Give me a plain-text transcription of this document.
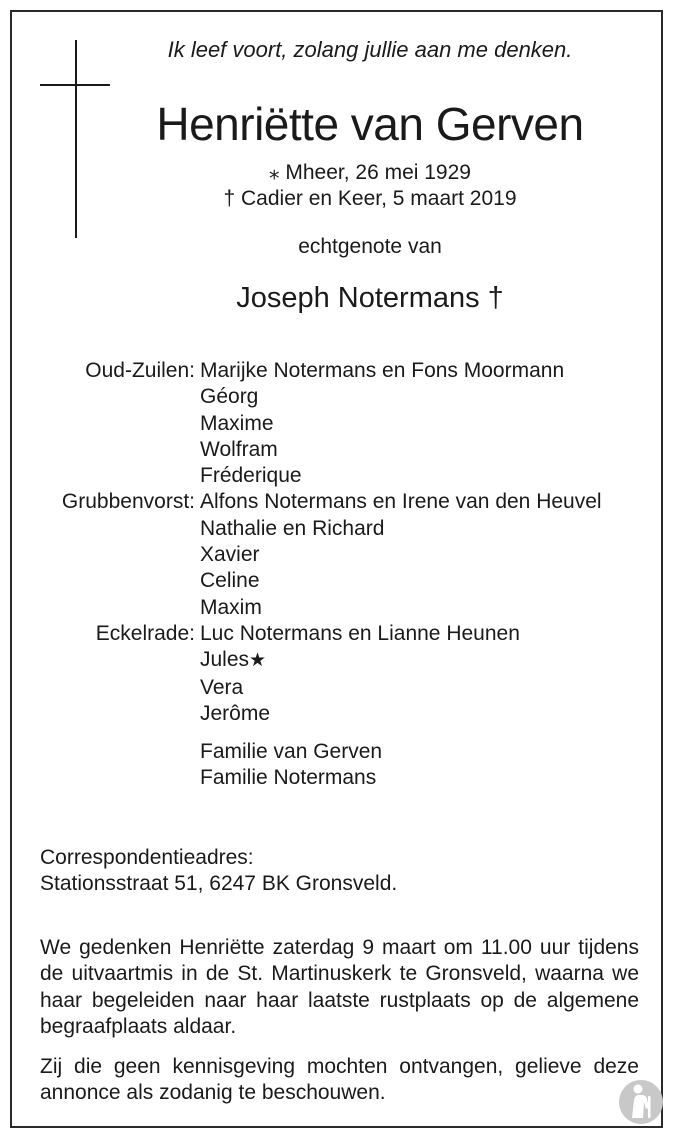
Ik leef voort, zolang jullie aan me denken.
Henriëtte van Gerven
⁎ Mheer, 26 mei 1929
† Cadier en Keer, 5 maart 2019
echtgenote van
Joseph Notermans †
Oud-Zuilen: Marijke Notermans en Fons Moormann
Géorg
Maxime
Wolfram
Fréderique
Grubbenvorst: Alfons Notermans en Irene van den Heuvel
Nathalie en Richard
Xavier
Celine
Maxim
Eckelrade: Luc Notermans en Lianne Heunen
Jules★
Vera
Jerôme
Familie van Gerven
Familie Notermans
Correspondentieadres:
Stationsstraat 51, 6247 BK Gronsveld.
We gedenken Henriëtte zaterdag 9 maart om 11.00 uur tijdens de uitvaartmis in de St. Martinuskerk te Gronsveld, waarna we haar begeleiden naar haar laatste rustplaats op de algemene begraafplaats aldaar.
Zij die geen kennisgeving mochten ontvangen, gelieve deze annonce als zodanig te beschouwen.
